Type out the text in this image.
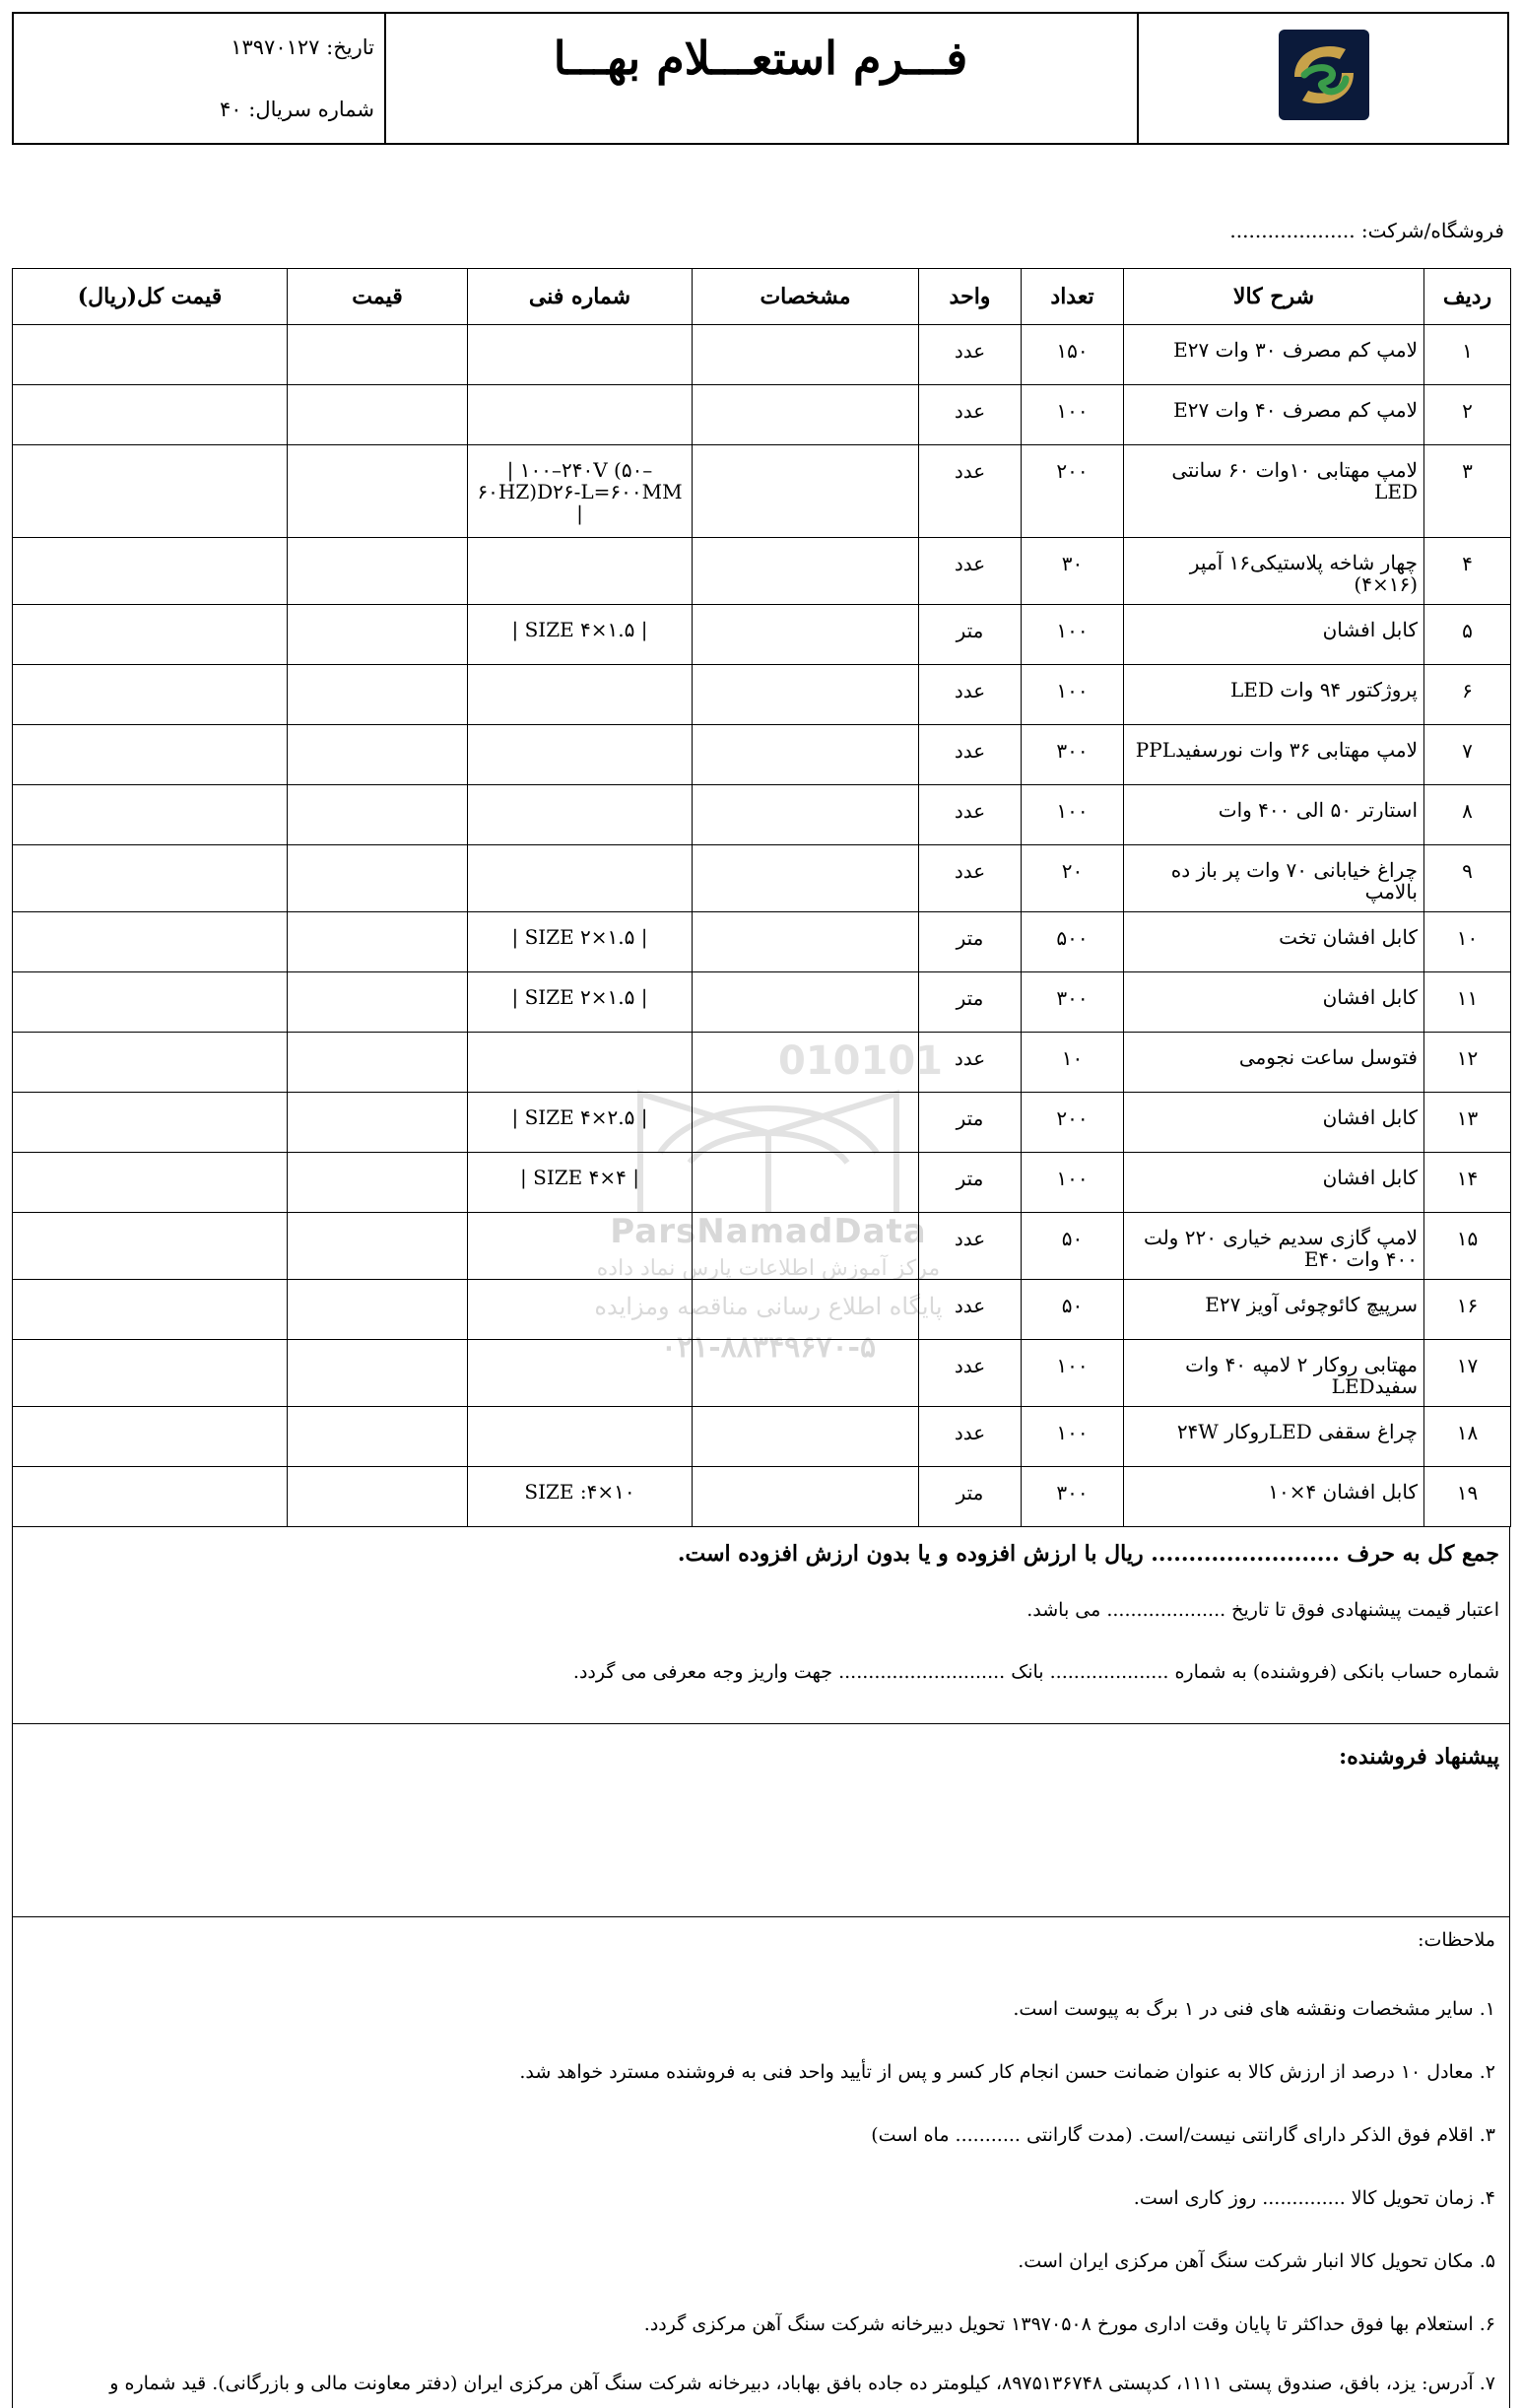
تاریخ: ۱۳۹۷۰۱۲۷
شماره سریال: ۴۰
فـــرم استعـــلام بهـــا
فروشگاه/شرکت: ....................
010101
ParsNamadData
مرکز آموزش اطلاعات پارس نماد داده
پایگاه اطلاع رسانی مناقصه ومزایده
۰۲۱-۸۸۳۴۹۶۷۰-۵
ردیف	شرح کالا	تعداد	واحد	مشخصات	شماره فنی	قیمت	قیمت کل(ریال)
۱	لامپ کم مصرف ۳۰ وات E۲۷	۱۵۰	عدد				
۲	لامپ کم مصرف ۴۰ وات E۲۷	۱۰۰	عدد				
۳	لامپ مهتابی ۱۰وات ۶۰ سانتی LED	۲۰۰	عدد		| ۱۰۰–۲۴۰V (۵۰– ۶۰HZ)D۲۶-L=۶۰۰MM |		
۴	چهار شاخه پلاستیکی۱۶ آمپر (۱۶×۴)	۳۰	عدد				
۵	کابل افشان	۱۰۰	متر		| SIZE ۴×۱.۵ |		
۶	پروژکتور ۹۴ وات LED	۱۰۰	عدد				
۷	لامپ مهتابی ۳۶ وات نورسفیدPPL	۳۰۰	عدد				
۸	استارتر ۵۰ الی ۴۰۰ وات	۱۰۰	عدد				
۹	چراغ خیابانی ۷۰ وات پر باز ده بالامپ	۲۰	عدد				
۱۰	کابل افشان تخت	۵۰۰	متر		| SIZE ۲×۱.۵ |		
۱۱	کابل افشان	۳۰۰	متر		| SIZE ۲×۱.۵ |		
۱۲	فتوسل ساعت نجومی	۱۰	عدد				
۱۳	کابل افشان	۲۰۰	متر		| SIZE ۴×۲.۵ |		
۱۴	کابل افشان	۱۰۰	متر		| SIZE ۴×۴ |		
۱۵	لامپ گازی سدیم خیاری ۲۲۰ ولت ۴۰۰ وات E۴۰	۵۰	عدد				
۱۶	سرپیچ کائوچوئی آویز E۲۷	۵۰	عدد				
۱۷	مهتابی روکار ۲ لامپه ۴۰ وات سفیدLED	۱۰۰	عدد				
۱۸	چراغ سقفی LEDروکار ۲۴W	۱۰۰	عدد				
۱۹	کابل افشان ۴×۱۰	۳۰۰	متر		SIZE :۴×۱۰		
جمع کل به حرف ......................... ریال با ارزش افزوده و یا بدون ارزش افزوده است.
اعتبار قیمت پیشنهادی فوق تا تاریخ .................... می باشد.
شماره حساب بانکی (فروشنده) به شماره .................... بانک ............................ جهت واریز وجه معرفی می گردد.
پیشنهاد فروشنده:
ملاحظات:
۱. سایر مشخصات ونقشه های فنی در ۱ برگ به پیوست است.
۲. معادل ۱۰ درصد از ارزش کالا به عنوان ضمانت حسن انجام کار کسر و پس از تأیید واحد فنی به فروشنده مسترد خواهد شد.
۳. اقلام فوق الذکر دارای گارانتی نیست/است. (مدت گارانتی ........... ماه است)
۴. زمان تحویل کالا .............. روز کاری است.
۵. مکان تحویل کالا انبار شرکت سنگ آهن مرکزی ایران است.
۶. استعلام بها فوق حداکثر تا پایان وقت اداری مورخ ۱۳۹۷۰۵۰۸ تحویل دبیرخانه شرکت سنگ آهن مرکزی گردد.
۷. آدرس: یزد، بافق، صندوق پستی ۱۱۱۱، کدپستی ۸۹۷۵۱۳۶۷۴۸، کیلومتر ده جاده بافق بهاباد، دبیرخانه شرکت سنگ آهن مرکزی ایران (دفتر معاونت مالی و بازرگانی). قید شماره و
